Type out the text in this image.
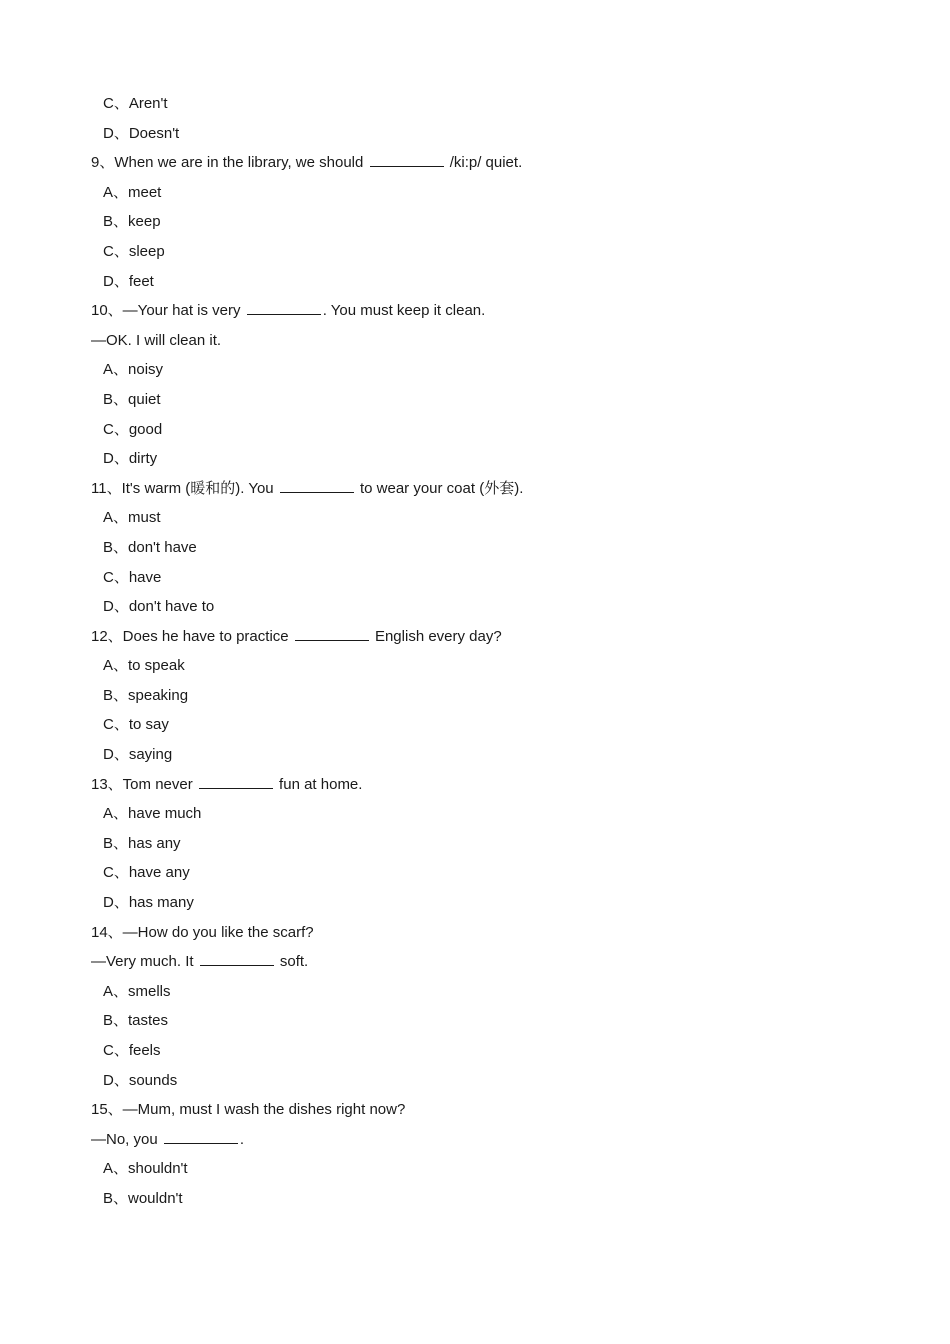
C、Aren't
D、Doesn't
9、When we are in the library, we should	/ki:p/ quiet.
A、meet
B、keep
C、sleep
D、feet
10、—Your hat is very	. You must keep it clean.
—OK. I will clean it.
A、noisy
B、quiet
C、good
D、dirty
11、It's warm (暖和的). You	to wear your coat (外套).
A、must
B、don't have
C、have
D、don't have to
12、Does he have to practice	English every day?
A、to speak
B、speaking
C、to say
D、saying
13、Tom never	fun at home.
A、have much
B、has any
C、have any
D、has many
14、—How do you like the scarf?
—Very much. It	soft.
A、smells
B、tastes
C、feels
D、sounds
15、—Mum, must I wash the dishes right now?
—No, you	.
A、shouldn't
B、wouldn't
